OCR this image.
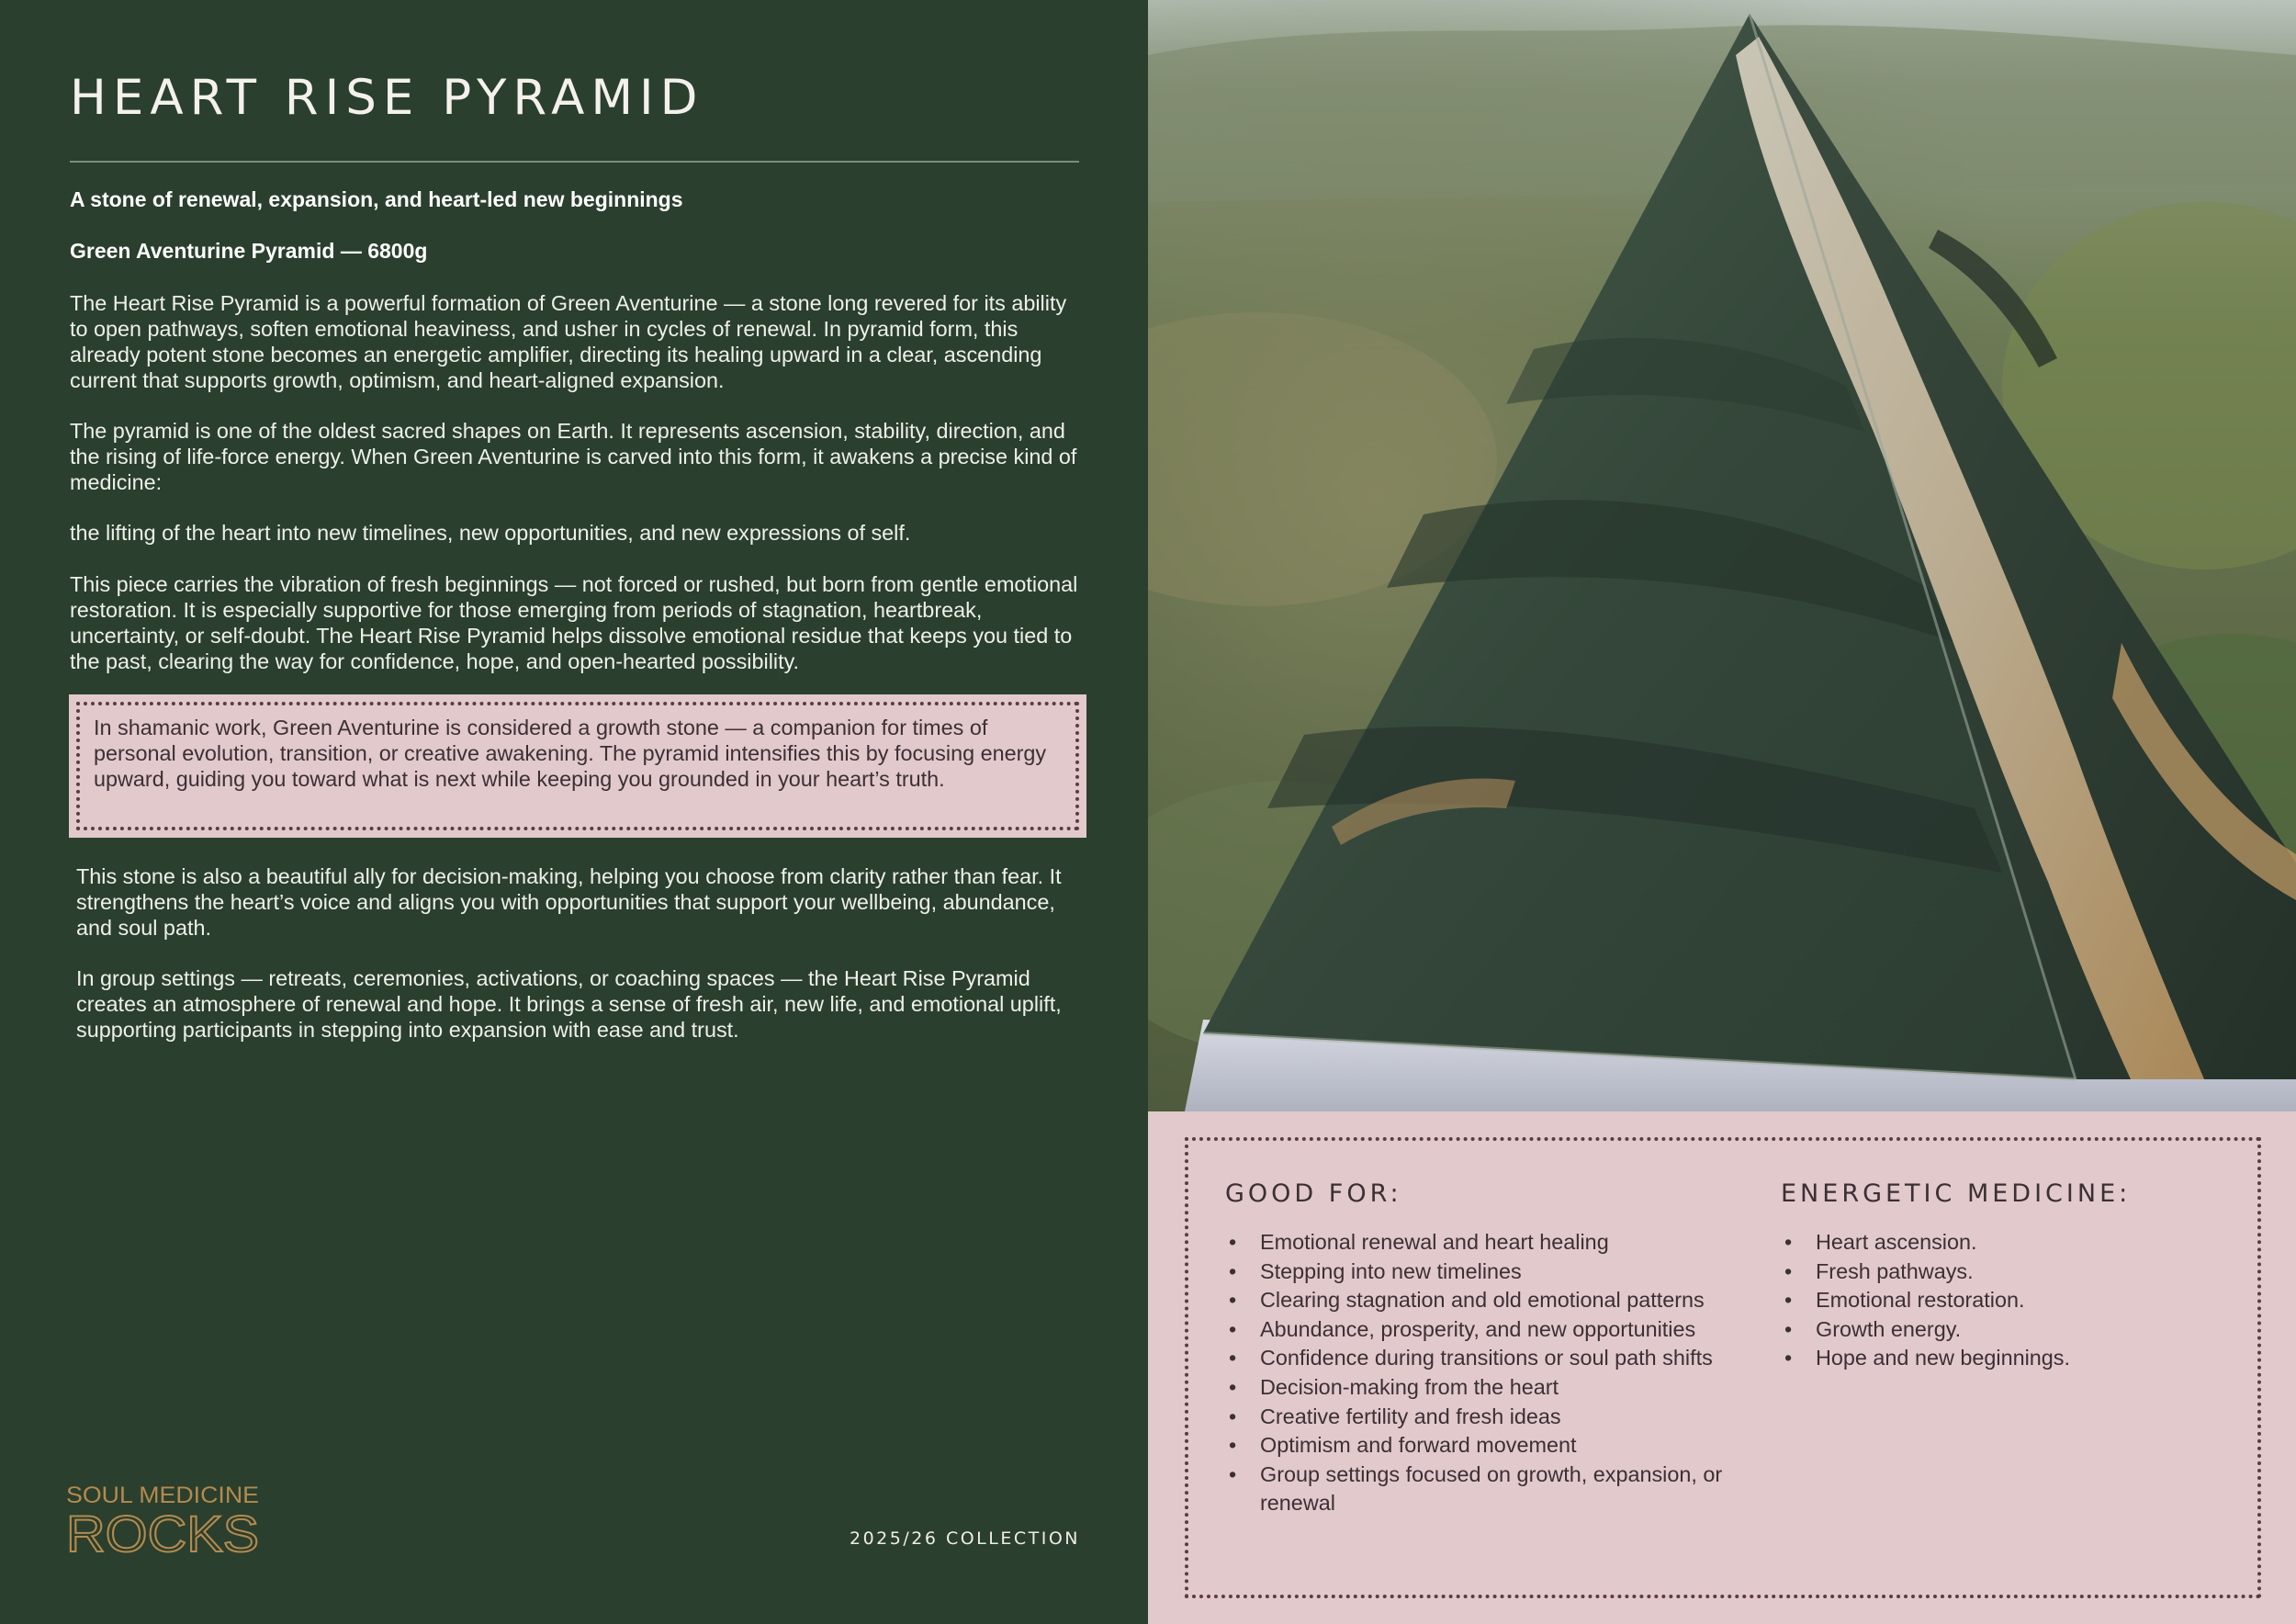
HEART RISE PYRAMID
A stone of renewal, expansion, and heart-led new beginnings
Green Aventurine Pyramid — 6800g

The Heart Rise Pyramid is a powerful formation of Green Aventurine — a stone long revered for its ability to open pathways, soften emotional heaviness, and usher in cycles of renewal. In pyramid form, this already potent stone becomes an energetic amplifier, directing its healing upward in a clear, ascending current that supports growth, optimism, and heart-aligned expansion.

The pyramid is one of the oldest sacred shapes on Earth. It represents ascension, stability, direction, and the rising of life-force energy. When Green Aventurine is carved into this form, it awakens a precise kind of medicine:

the lifting of the heart into new timelines, new opportunities, and new expressions of self.

This piece carries the vibration of fresh beginnings — not forced or rushed, but born from gentle emotional restoration. It is especially supportive for those emerging from periods of stagnation, heartbreak, uncertainty, or self-doubt. The Heart Rise Pyramid helps dissolve emotional residue that keeps you tied to the past, clearing the way for confidence, hope, and open-hearted possibility.

In shamanic work, Green Aventurine is considered a growth stone — a companion for times of personal evolution, transition, or creative awakening. The pyramid intensifies this by focusing energy upward, guiding you toward what is next while keeping you grounded in your heart’s truth.

This stone is also a beautiful ally for decision-making, helping you choose from clarity rather than fear. It strengthens the heart’s voice and aligns you with opportunities that support your wellbeing, abundance, and soul path.

In group settings — retreats, ceremonies, activations, or coaching spaces — the Heart Rise Pyramid creates an atmosphere of renewal and hope. It brings a sense of fresh air, new life, and emotional uplift, supporting participants in stepping into expansion with ease and trust.

SOUL MEDICINE
ROCKS	2025/26 COLLECTION
GOOD FOR:
• Emotional renewal and heart healing
• Stepping into new timelines
• Clearing stagnation and old emotional patterns
• Abundance, prosperity, and new opportunities
• Confidence during transitions or soul path shifts
• Decision-making from the heart
• Creative fertility and fresh ideas
• Optimism and forward movement
• Group settings focused on growth, expansion, or renewal
ENERGETIC MEDICINE:
• Heart ascension.
• Fresh pathways.
• Emotional restoration.
• Growth energy.
• Hope and new beginnings.
